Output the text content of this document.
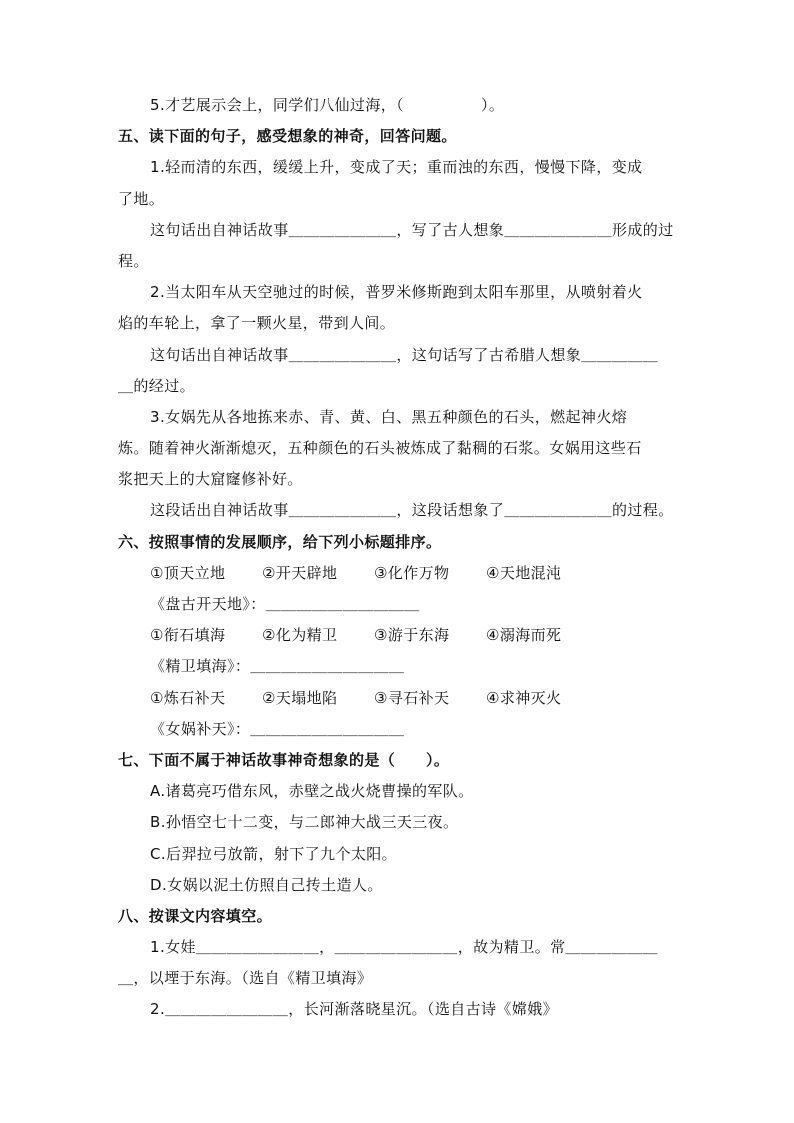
5.才艺展示会上，同学们八仙过海，（　　　　　）。
五、读下面的句子，感受想象的神奇，回答问题。
1.轻而清的东西，缓缓上升，变成了天；重而浊的东西，慢慢下降，变成
了地。
这句话出自神话故事＿＿＿＿＿＿＿，写了古人想象＿＿＿＿＿＿＿形成的过
程。
2.当太阳车从天空驰过的时候，普罗米修斯跑到太阳车那里，从喷射着火
焰的车轮上，拿了一颗火星，带到人间。
这句话出自神话故事＿＿＿＿＿＿＿，这句话写了古希腊人想象＿＿＿＿＿
＿的经过。
3.女娲先从各地拣来赤、青、黄、白、黑五种颜色的石头，燃起神火熔
炼。随着神火渐渐熄灭，五种颜色的石头被炼成了黏稠的石浆。女娲用这些石
浆把天上的大窟窿修补好。
这段话出自神话故事＿＿＿＿＿＿＿，这段话想象了＿＿＿＿＿＿＿的过程。
六、按照事情的发展顺序，给下列小标题排序。
①顶天立地 ②开天辟地 ③化作万物 ④天地混沌
《盘古开天地》：＿＿＿＿＿＿＿＿＿＿
①衔石填海 ②化为精卫 ③游于东海 ④溺海而死
《精卫填海》：＿＿＿＿＿＿＿＿＿＿
①炼石补天 ②天塌地陷 ③寻石补天 ④求神灭火
《女娲补天》：＿＿＿＿＿＿＿＿＿＿
七、下面不属于神话故事神奇想象的是（　　）。
A.诸葛亮巧借东风，赤壁之战火烧曹操的军队。
B.孙悟空七十二变，与二郎神大战三天三夜。
C.后羿拉弓放箭，射下了九个太阳。
D.女娲以泥土仿照自己抟土造人。
八、按课文内容填空。
1.女娃＿＿＿＿＿＿＿＿，＿＿＿＿＿＿＿＿，故为精卫。常＿＿＿＿＿＿
＿，以堙于东海。（选自《精卫填海》
2.＿＿＿＿＿＿＿＿，长河渐落晓星沉。（选自古诗《嫦娥》
